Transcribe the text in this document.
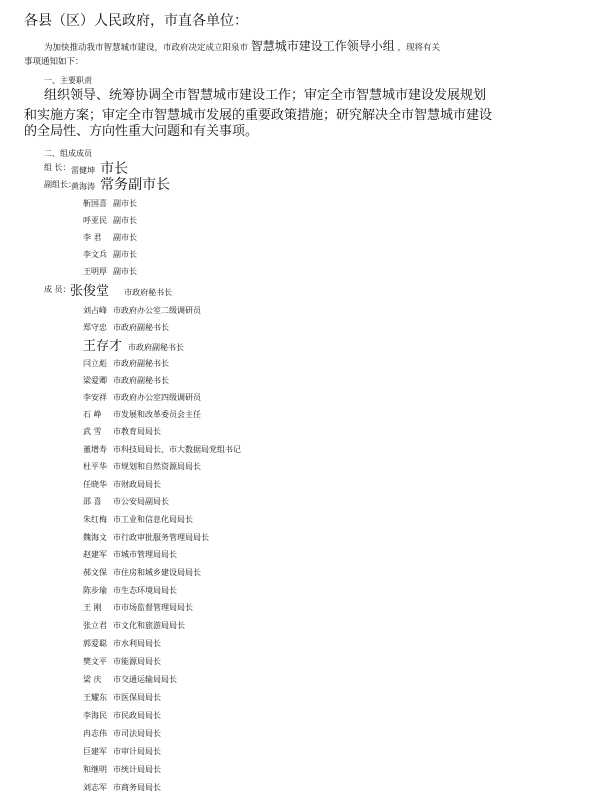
各县（区）人民政府，市直各单位：
为加快推动我市智慧城市建设，市政府决定成立阳泉市 智慧城市建设工作领导小组 ，现将有关
事项通知如下：
一、主要职责
组织领导、统筹协调全市智慧城市建设工作；审定全市智慧城市建设发展规划
和实施方案；审定全市智慧城市发展的重要政策措施；研究解决全市智慧城市建设
的全局性、方向性重大问题和有关事项。
二、组成成员
组 长： 雷健坤 市长
副组长：
黄海涛 常务副市长
靳国喜 副市长
呼亚民 副市长
李 君 副市长
李文兵 副市长
王明厚 副市长
成 员： 张俊堂 市政府秘书长
刘占峰 市政府办公室二级调研员
郑守忠 市政府副秘书长
王存才 市政府副秘书长
闫立彪 市政府副秘书长
梁爱卿 市政府副秘书长
李安祥 市政府办公室四级调研员
石 峥 市发展和改革委员会主任
武 雪 市教育局局长
董增寿 市科技局局长、市大数据局党组书记
杜平华 市规划和自然资源局局长
任晓华 市财政局局长
邵 喜 市公安局副局长
朱红梅 市工业和信息化局局长
魏海文 市行政审批服务管理局局长
赵建军 市城市管理局局长
郝文保 市住房和城乡建设局局长
陈步瑜 市生态环境局局长
王 刚 市市场监督管理局局长
张立君 市文化和旅游局局长
郭爱聪 市水利局局长
樊文平 市能源局局长
梁 庆 市交通运输局局长
王耀东 市医保局局长
李海民 市民政局局长
冉志伟 市司法局局长
巨建军 市审计局局长
和继明 市统计局局长
刘志军 市商务局局长
